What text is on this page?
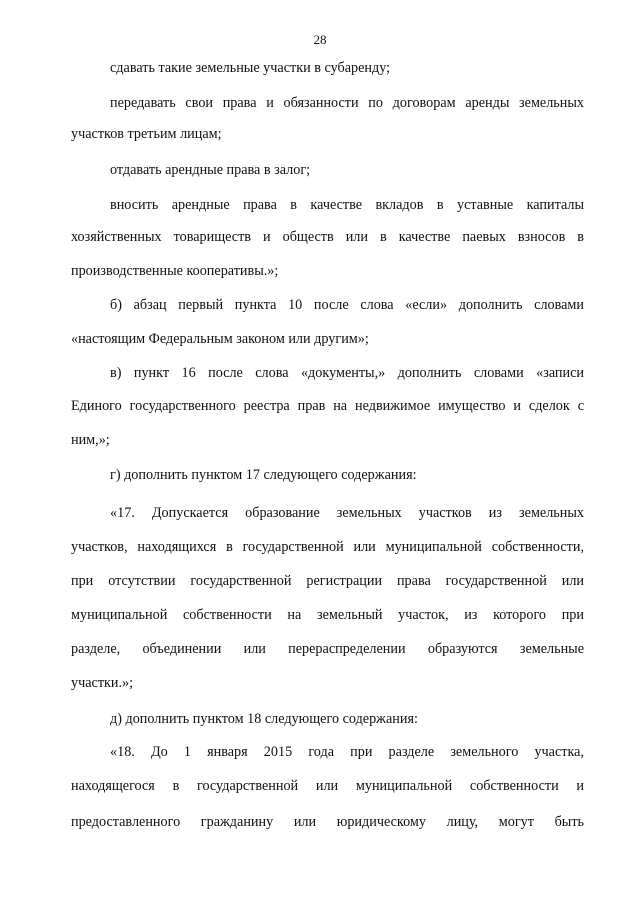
28
сдавать такие земельные участки в субаренду;
передавать свои права и обязанности по договорам аренды земельных
участков третьим лицам;
отдавать арендные права в залог;
вносить арендные права в качестве вкладов в уставные капиталы
хозяйственных товариществ и обществ или в качестве паевых взносов в
производственные кооперативы.»;
б) абзац первый пункта 10 после слова «если» дополнить словами
«настоящим Федеральным законом или другим»;
в) пункт 16 после слова «документы,» дополнить словами «записи
Единого государственного реестра прав на недвижимое имущество и сделок с
ним,»;
г) дополнить пунктом 17 следующего содержания:
«17. Допускается образование земельных участков из земельных
участков, находящихся в государственной или муниципальной собственности,
при отсутствии государственной регистрации права государственной или
муниципальной собственности на земельный участок, из которого при
разделе, объединении или перераспределении образуются земельные
участки.»;
д) дополнить пунктом 18 следующего содержания:
«18. До 1 января 2015 года при разделе земельного участка,
находящегося в государственной или муниципальной собственности и
предоставленного гражданину или юридическому лицу, могут быть
